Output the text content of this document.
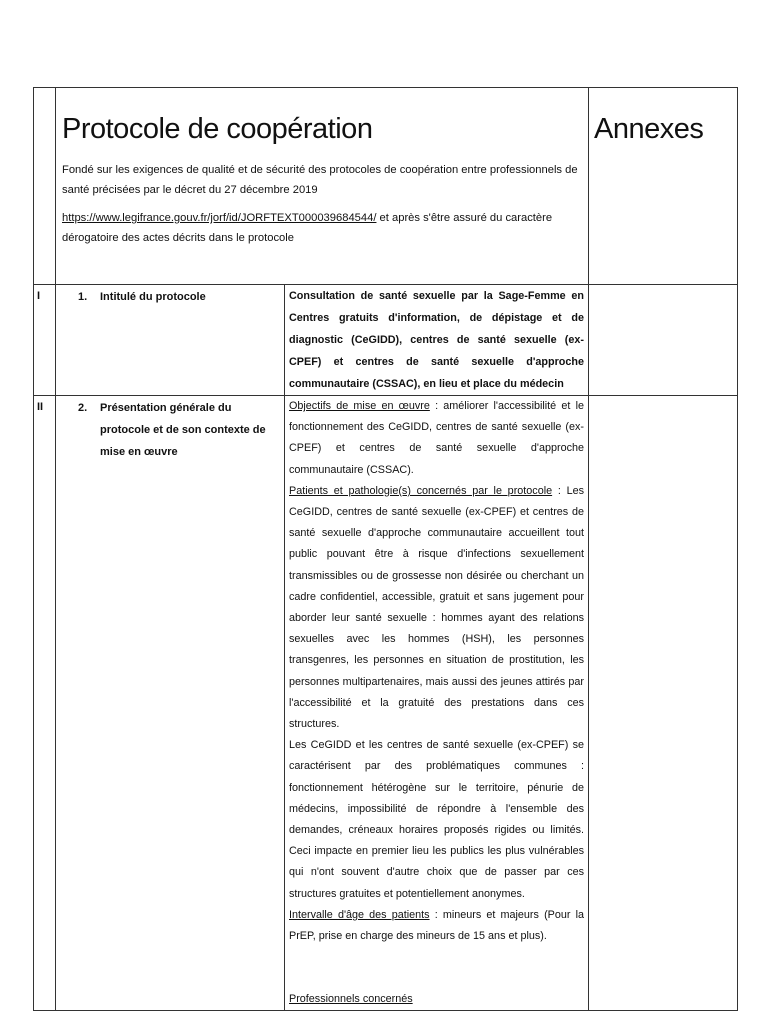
	Protocole de coopération
Fondé sur les exigences de qualité et de sécurité des protocoles de coopération entre professionnels de santé précisées par le décret du 27 décembre 2019
https://www.legifrance.gouv.fr/jorf/id/JORFTEXT000039684544/ et après s'être assuré du caractère dérogatoire des actes décrits dans le protocole		Annexes

I	1. Intitulé du protocole	Consultation de santé sexuelle par la Sage-Femme en Centres gratuits d'information, de dépistage et de diagnostic (CeGIDD), centres de santé sexuelle (ex-CPEF) et centres de santé sexuelle d'approche communautaire (CSSAC), en lieu et place du médecin	

II	2. Présentation générale du protocole et de son contexte de mise en œuvre	Objectifs de mise en œuvre : améliorer l'accessibilité et le fonctionnement des CeGIDD, centres de santé sexuelle (ex-CPEF) et centres de santé sexuelle d'approche communautaire (CSSAC).

Patients et pathologie(s) concernés par le protocole : Les CeGIDD, centres de santé sexuelle (ex-CPEF) et centres de santé sexuelle d'approche communautaire accueillent tout public pouvant être à risque d'infections sexuellement transmissibles ou de grossesse non désirée ou cherchant un cadre confidentiel, accessible, gratuit et sans jugement pour aborder leur santé sexuelle : hommes ayant des relations sexuelles avec les hommes (HSH), les personnes transgenres, les personnes en situation de prostitution, les personnes multipartenaires, mais aussi des jeunes attirés par l'accessibilité et la gratuité des prestations dans ces structures.

Les CeGIDD et les centres de santé sexuelle (ex-CPEF) se caractérisent par des problématiques communes : fonctionnement hétérogène sur le territoire, pénurie de médecins, impossibilité de répondre à l'ensemble des demandes, créneaux horaires proposés rigides ou limités. Ceci impacte en premier lieu les publics les plus vulnérables qui n'ont souvent d'autre choix que de passer par ces structures gratuites et potentiellement anonymes.

Intervalle d'âge des patients : mineurs et majeurs (Pour la PrEP, prise en charge des mineurs de 15 ans et plus).

Professionnels concernés	
